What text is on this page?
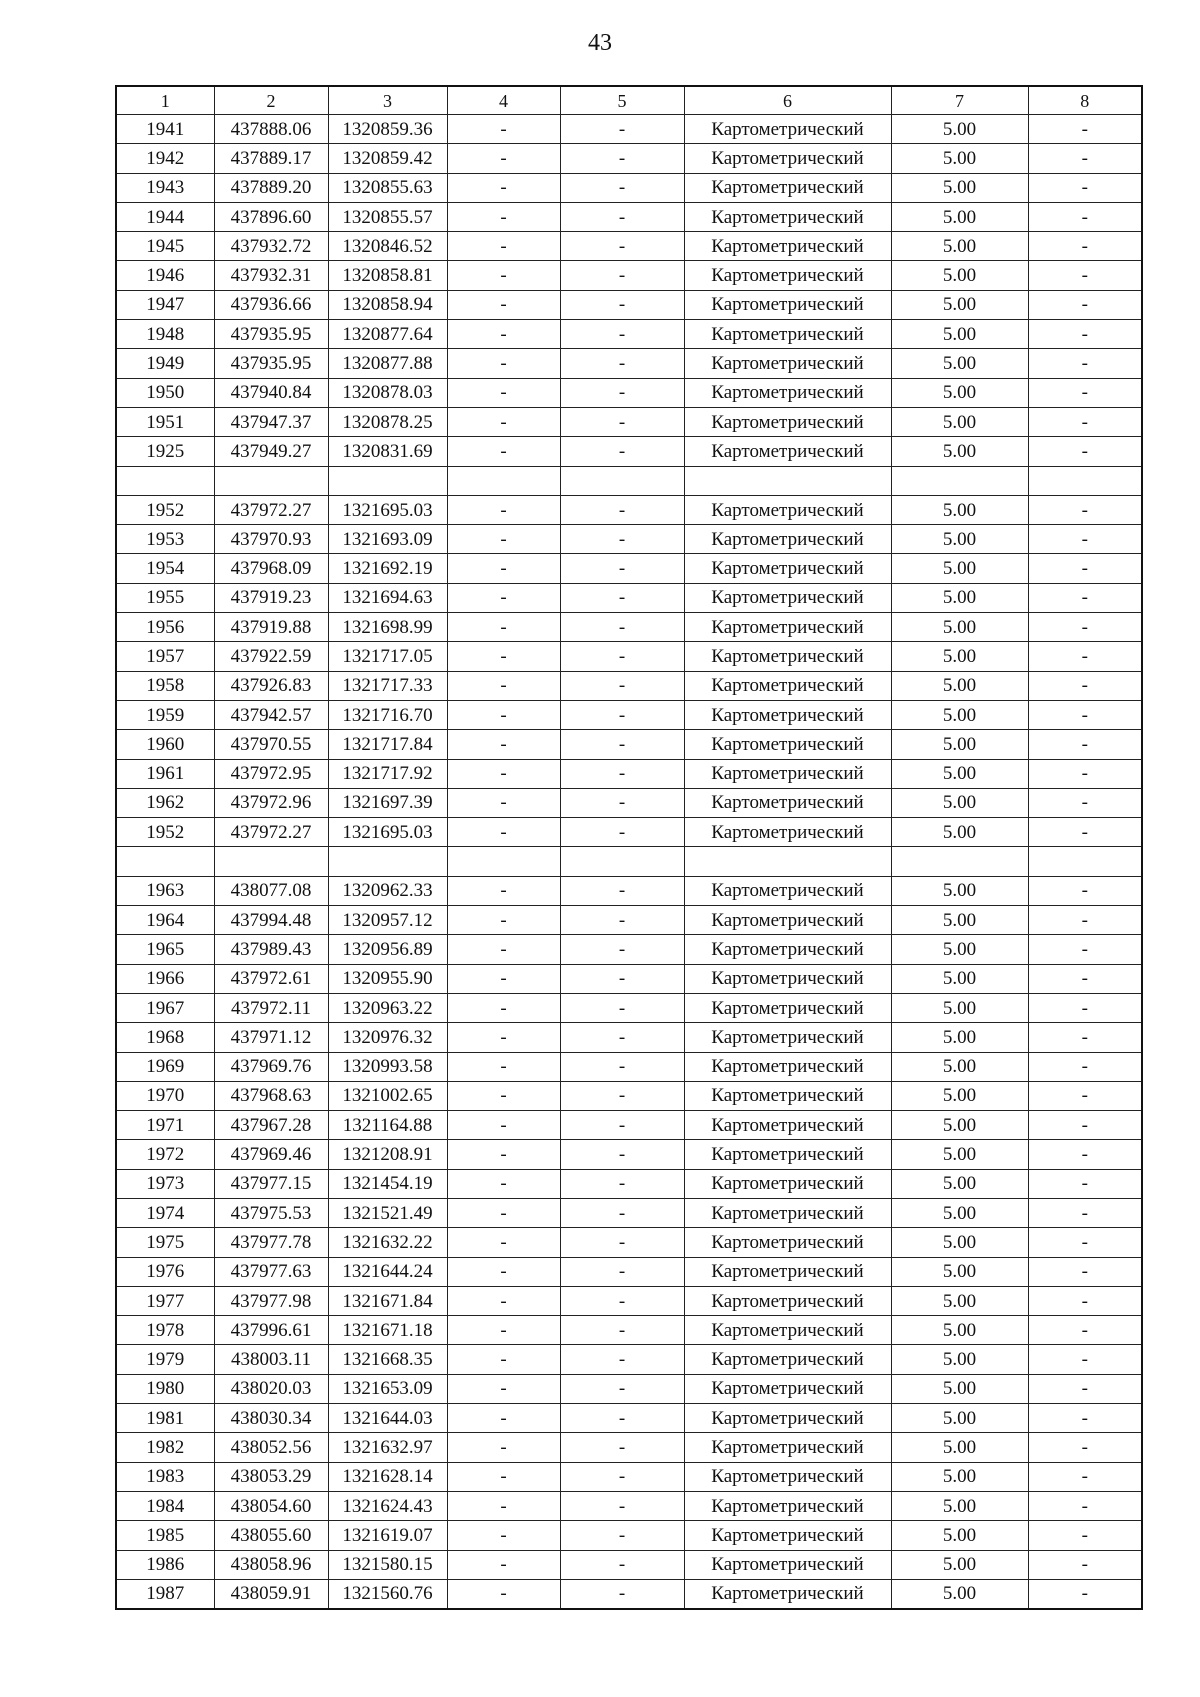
43
1	2	3	4	5	6	7	8
1941	437888.06	1320859.36	-	-	Картометрический	5.00	-
1942	437889.17	1320859.42	-	-	Картометрический	5.00	-
1943	437889.20	1320855.63	-	-	Картометрический	5.00	-
1944	437896.60	1320855.57	-	-	Картометрический	5.00	-
1945	437932.72	1320846.52	-	-	Картометрический	5.00	-
1946	437932.31	1320858.81	-	-	Картометрический	5.00	-
1947	437936.66	1320858.94	-	-	Картометрический	5.00	-
1948	437935.95	1320877.64	-	-	Картометрический	5.00	-
1949	437935.95	1320877.88	-	-	Картометрический	5.00	-
1950	437940.84	1320878.03	-	-	Картометрический	5.00	-
1951	437947.37	1320878.25	-	-	Картометрический	5.00	-
1925	437949.27	1320831.69	-	-	Картометрический	5.00	-

1952	437972.27	1321695.03	-	-	Картометрический	5.00	-
1953	437970.93	1321693.09	-	-	Картометрический	5.00	-
1954	437968.09	1321692.19	-	-	Картометрический	5.00	-
1955	437919.23	1321694.63	-	-	Картометрический	5.00	-
1956	437919.88	1321698.99	-	-	Картометрический	5.00	-
1957	437922.59	1321717.05	-	-	Картометрический	5.00	-
1958	437926.83	1321717.33	-	-	Картометрический	5.00	-
1959	437942.57	1321716.70	-	-	Картометрический	5.00	-
1960	437970.55	1321717.84	-	-	Картометрический	5.00	-
1961	437972.95	1321717.92	-	-	Картометрический	5.00	-
1962	437972.96	1321697.39	-	-	Картометрический	5.00	-
1952	437972.27	1321695.03	-	-	Картометрический	5.00	-

1963	438077.08	1320962.33	-	-	Картометрический	5.00	-
1964	437994.48	1320957.12	-	-	Картометрический	5.00	-
1965	437989.43	1320956.89	-	-	Картометрический	5.00	-
1966	437972.61	1320955.90	-	-	Картометрический	5.00	-
1967	437972.11	1320963.22	-	-	Картометрический	5.00	-
1968	437971.12	1320976.32	-	-	Картометрический	5.00	-
1969	437969.76	1320993.58	-	-	Картометрический	5.00	-
1970	437968.63	1321002.65	-	-	Картометрический	5.00	-
1971	437967.28	1321164.88	-	-	Картометрический	5.00	-
1972	437969.46	1321208.91	-	-	Картометрический	5.00	-
1973	437977.15	1321454.19	-	-	Картометрический	5.00	-
1974	437975.53	1321521.49	-	-	Картометрический	5.00	-
1975	437977.78	1321632.22	-	-	Картометрический	5.00	-
1976	437977.63	1321644.24	-	-	Картометрический	5.00	-
1977	437977.98	1321671.84	-	-	Картометрический	5.00	-
1978	437996.61	1321671.18	-	-	Картометрический	5.00	-
1979	438003.11	1321668.35	-	-	Картометрический	5.00	-
1980	438020.03	1321653.09	-	-	Картометрический	5.00	-
1981	438030.34	1321644.03	-	-	Картометрический	5.00	-
1982	438052.56	1321632.97	-	-	Картометрический	5.00	-
1983	438053.29	1321628.14	-	-	Картометрический	5.00	-
1984	438054.60	1321624.43	-	-	Картометрический	5.00	-
1985	438055.60	1321619.07	-	-	Картометрический	5.00	-
1986	438058.96	1321580.15	-	-	Картометрический	5.00	-
1987	438059.91	1321560.76	-	-	Картометрический	5.00	-
